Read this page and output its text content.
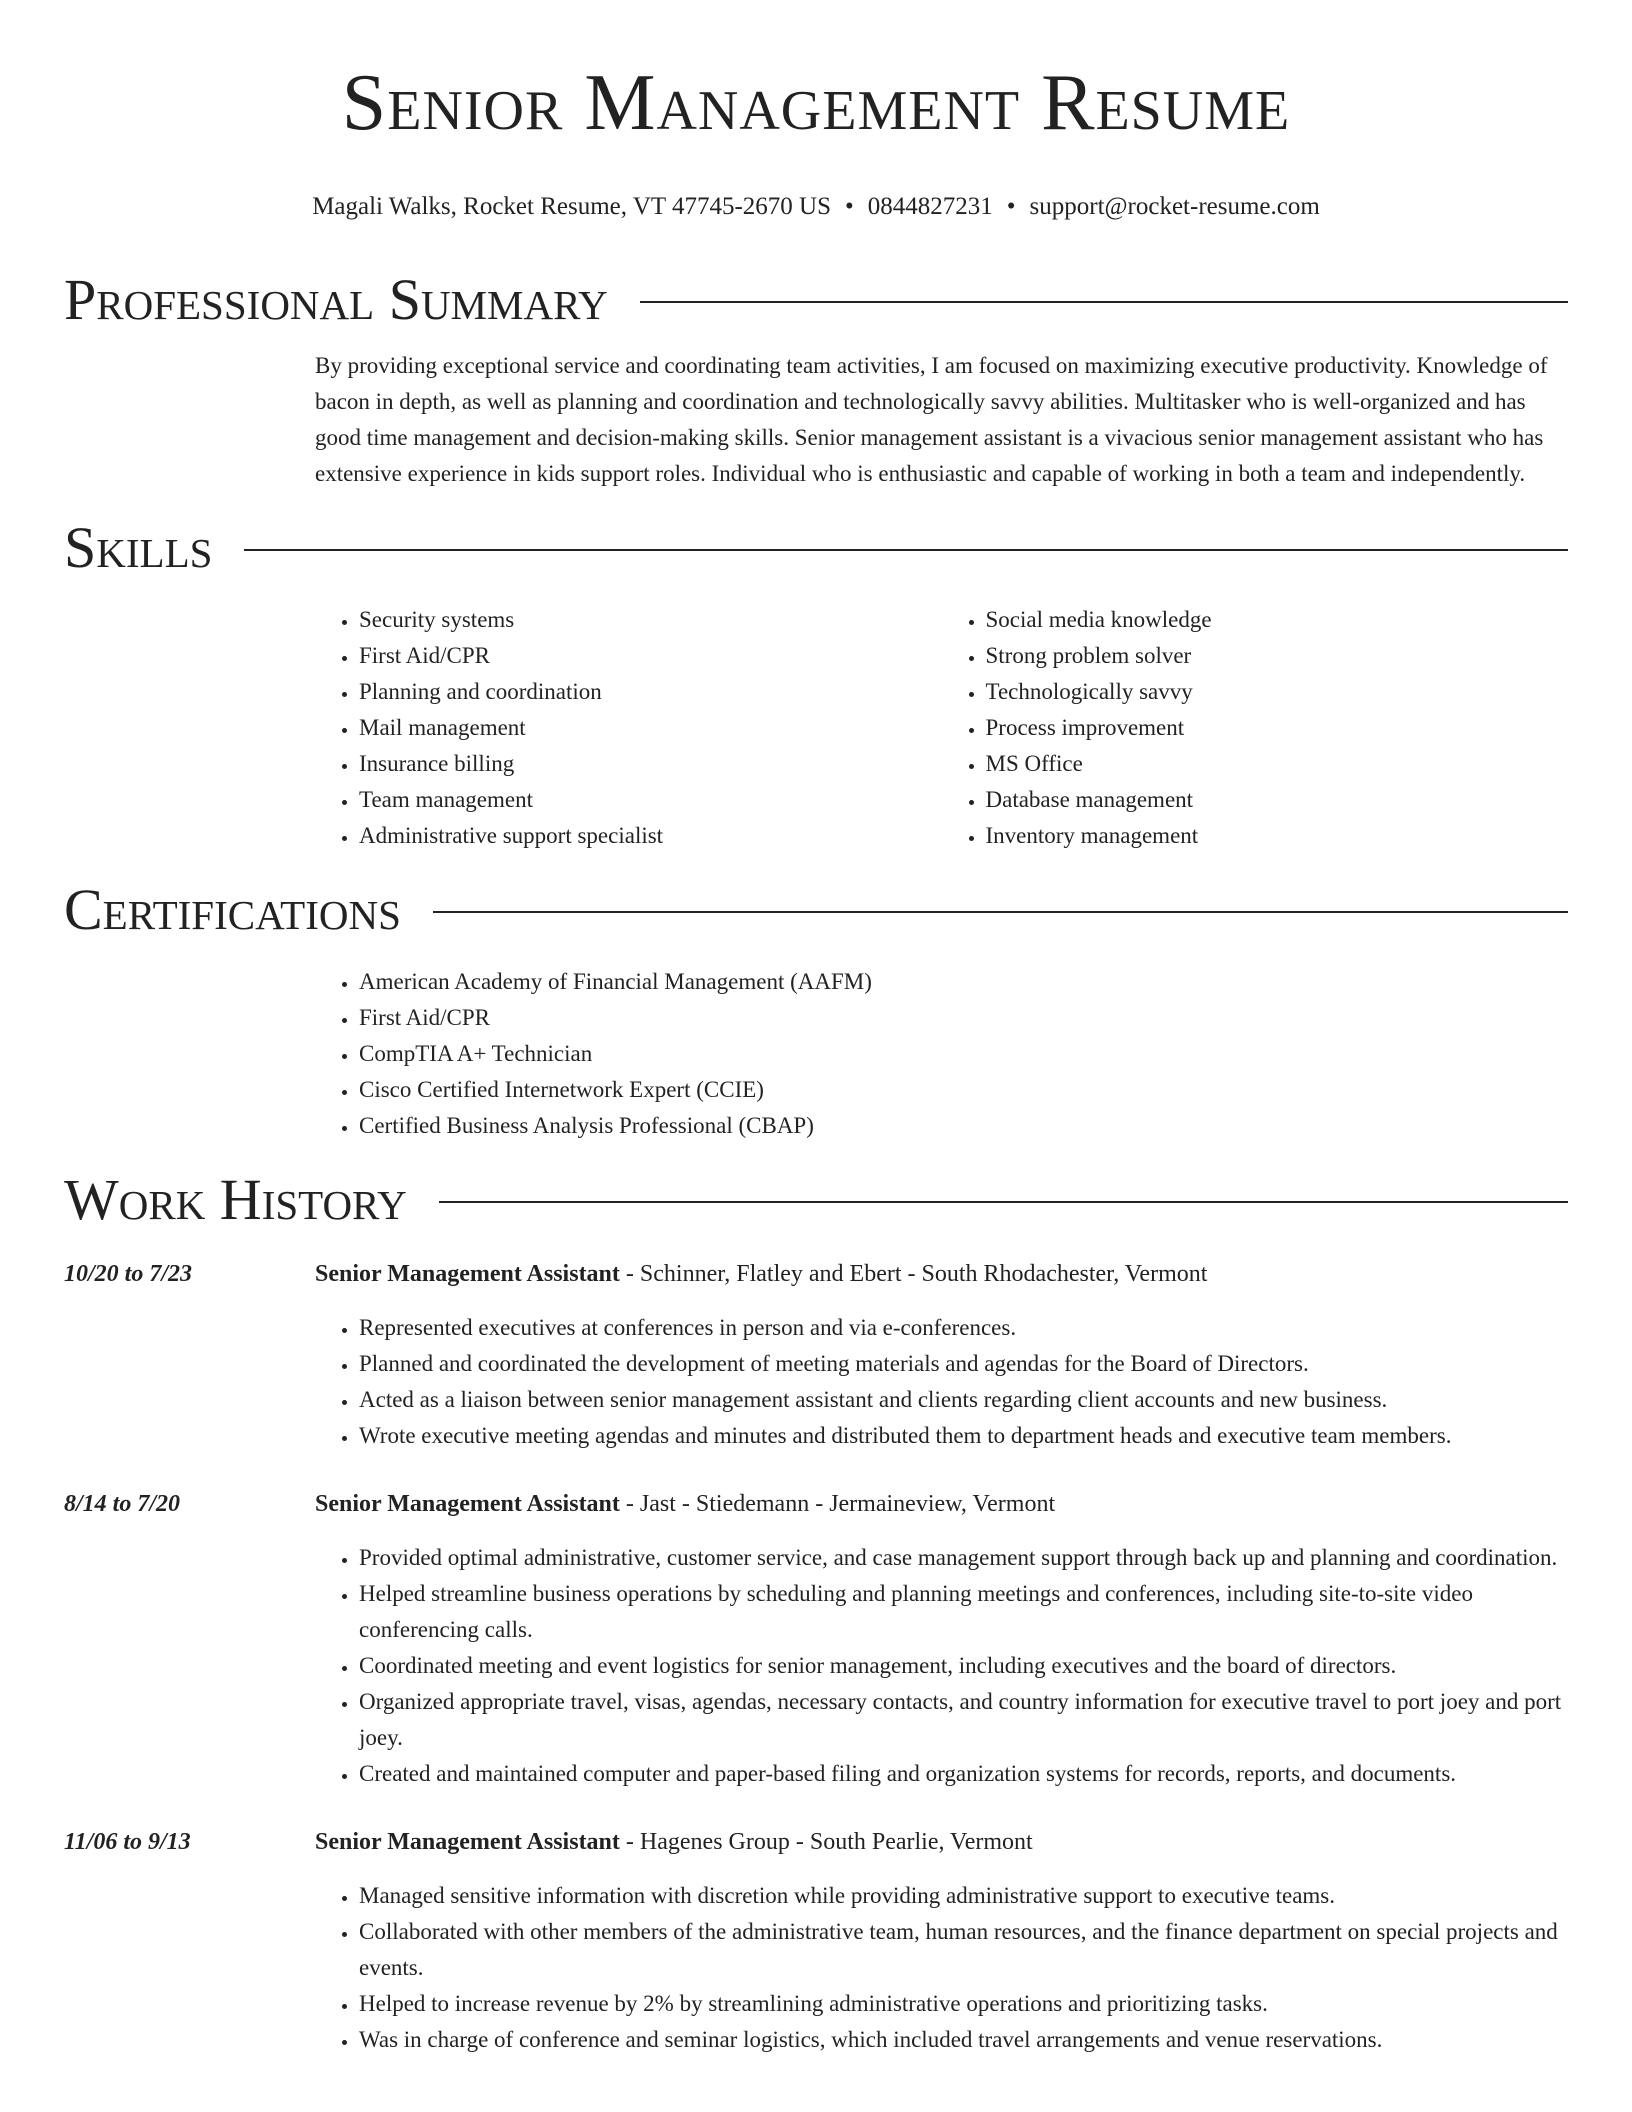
Senior Management Resume
Magali Walks, Rocket Resume, VT 47745-2670 US • 0844827231 • support@rocket-resume.com
Professional Summary
By providing exceptional service and coordinating team activities, I am focused on maximizing executive productivity. Knowledge of bacon in depth, as well as planning and coordination and technologically savvy abilities. Multitasker who is well-organized and has good time management and decision-making skills. Senior management assistant is a vivacious senior management assistant who has extensive experience in kids support roles. Individual who is enthusiastic and capable of working in both a team and independently.
Skills
• Security systems
• First Aid/CPR
• Planning and coordination
• Mail management
• Insurance billing
• Team management
• Administrative support specialist
• Social media knowledge
• Strong problem solver
• Technologically savvy
• Process improvement
• MS Office
• Database management
• Inventory management
Certifications
• American Academy of Financial Management (AAFM)
• First Aid/CPR
• CompTIA A+ Technician
• Cisco Certified Internetwork Expert (CCIE)
• Certified Business Analysis Professional (CBAP)
Work History
10/20 to 7/23	Senior Management Assistant - Schinner, Flatley and Ebert - South Rhodachester, Vermont
• Represented executives at conferences in person and via e-conferences.
• Planned and coordinated the development of meeting materials and agendas for the Board of Directors.
• Acted as a liaison between senior management assistant and clients regarding client accounts and new business.
• Wrote executive meeting agendas and minutes and distributed them to department heads and executive team members.
8/14 to 7/20	Senior Management Assistant - Jast - Stiedemann - Jermaineview, Vermont
• Provided optimal administrative, customer service, and case management support through back up and planning and coordination.
• Helped streamline business operations by scheduling and planning meetings and conferences, including site-to-site video conferencing calls.
• Coordinated meeting and event logistics for senior management, including executives and the board of directors.
• Organized appropriate travel, visas, agendas, necessary contacts, and country information for executive travel to port joey and port joey.
• Created and maintained computer and paper-based filing and organization systems for records, reports, and documents.
11/06 to 9/13	Senior Management Assistant - Hagenes Group - South Pearlie, Vermont
• Managed sensitive information with discretion while providing administrative support to executive teams.
• Collaborated with other members of the administrative team, human resources, and the finance department on special projects and events.
• Helped to increase revenue by 2% by streamlining administrative operations and prioritizing tasks.
• Was in charge of conference and seminar logistics, which included travel arrangements and venue reservations.
